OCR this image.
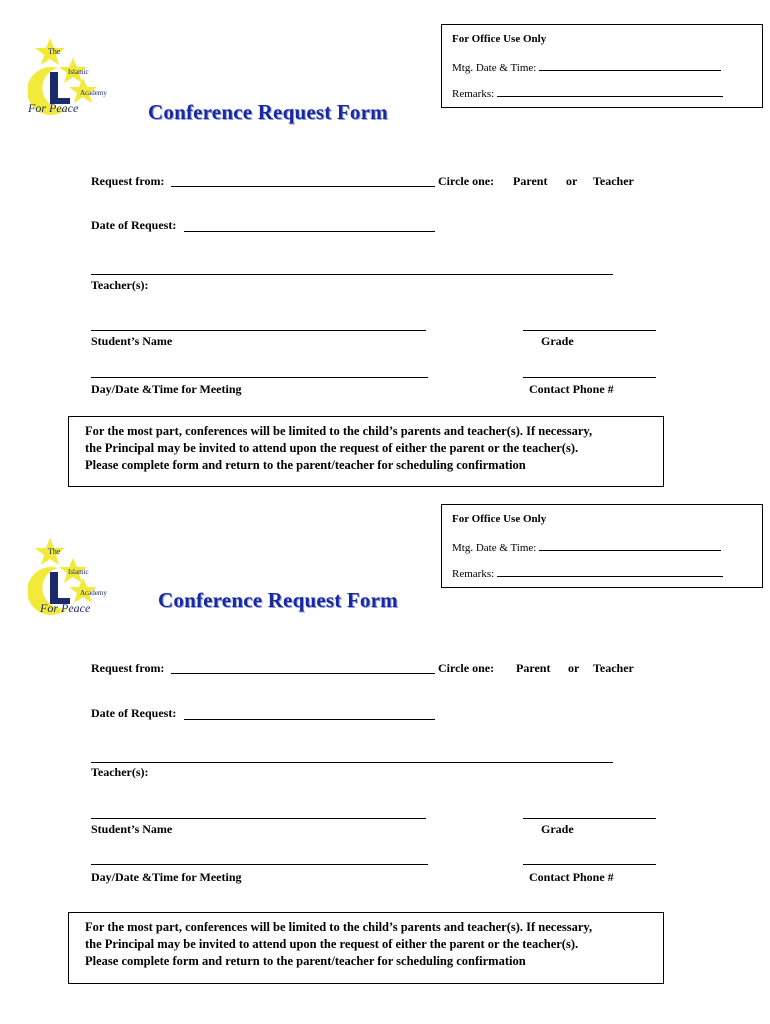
For Office Use Only
Mtg. Date & Time:
Remarks:
The
Islamic
Academy
For Peace	Conference Request Form
Request from:	Circle one: Parent or Teacher
Date of Request:
Teacher(s):
Student’s Name	Grade
Day/Date &Time for Meeting	Contact Phone #
For the most part, conferences will be limited to the child’s parents and teacher(s). If necessary,
the Principal may be invited to attend upon the request of either the parent or the teacher(s).
Please complete form and return to the parent/teacher for scheduling confirmation
For Office Use Only
Mtg. Date & Time:
Remarks:
The
Islamic
Academy
For Peace	Conference Request Form
Request from:	Circle one: Parent or Teacher
Date of Request:
Teacher(s):
Student’s Name	Grade
Day/Date &Time for Meeting	Contact Phone #
For the most part, conferences will be limited to the child’s parents and teacher(s). If necessary,
the Principal may be invited to attend upon the request of either the parent or the teacher(s).
Please complete form and return to the parent/teacher for scheduling confirmation
